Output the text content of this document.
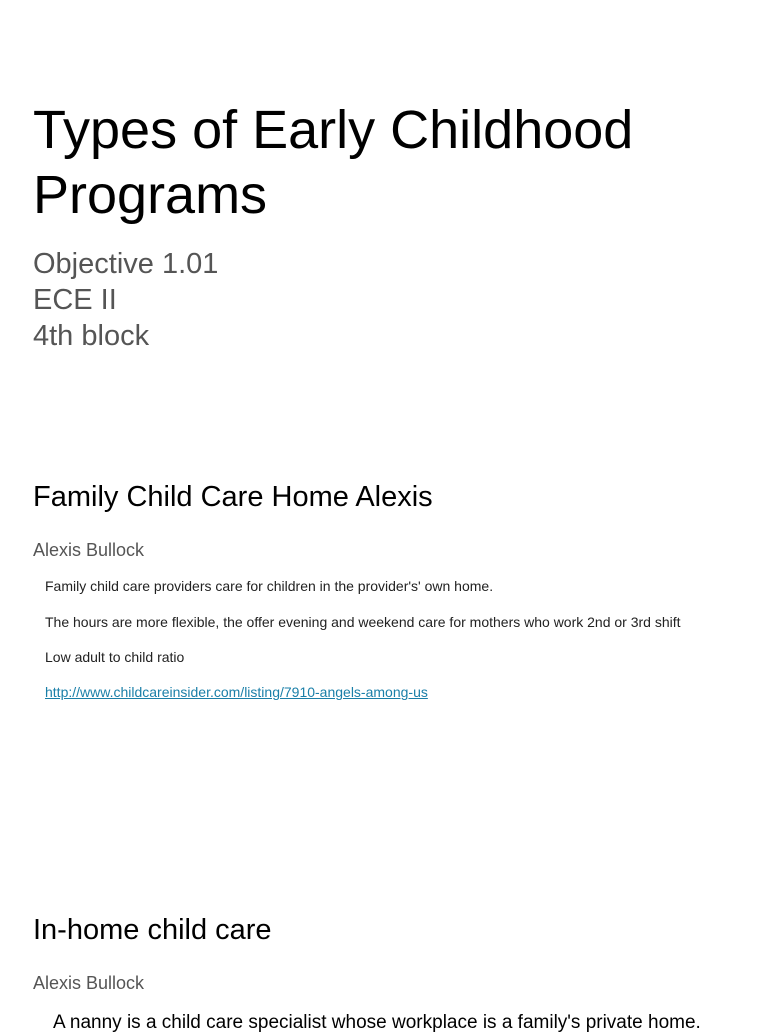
Types of Early Childhood Programs
Objective 1.01
ECE II
4th block
Family Child Care Home Alexis
Alexis Bullock
Family child care providers care for children in the provider's' own home.
The hours are more flexible, the offer evening and weekend care for mothers who work 2nd or 3rd shift
Low adult to child ratio
http://www.childcareinsider.com/listing/7910-angels-among-us
In-home child care
Alexis Bullock
A nanny is a child care specialist whose workplace is a family's private home.
